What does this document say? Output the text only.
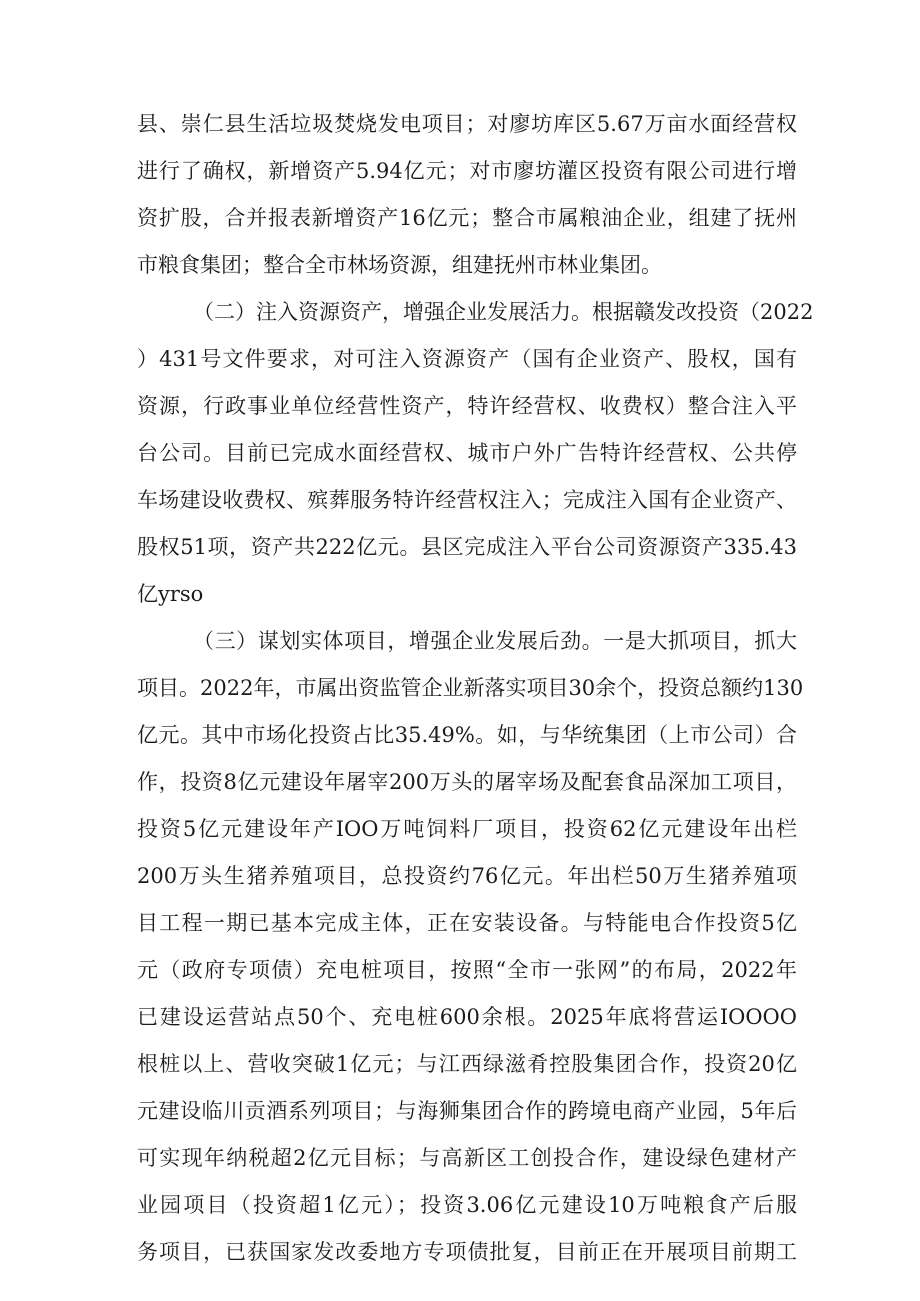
县、崇仁县生活垃圾焚烧发电项目；对廖坊库区5.67万亩水面经营权
进行了确权，新增资产5.94亿元；对市廖坊灌区投资有限公司进行增
资扩股，合并报表新增资产16亿元；整合市属粮油企业，组建了抚州
市粮食集团；整合全市林场资源，组建抚州市林业集团。
（二）注入资源资产，增强企业发展活力。根据赣发改投资（2022
）431号文件要求，对可注入资源资产（国有企业资产、股权，国有
资源，行政事业单位经营性资产，特许经营权、收费权）整合注入平
台公司。目前已完成水面经营权、城市户外广告特许经营权、公共停
车场建设收费权、殡葬服务特许经营权注入；完成注入国有企业资产、
股权51项，资产共222亿元。县区完成注入平台公司资源资产335.43
亿yrso
（三）谋划实体项目，增强企业发展后劲。一是大抓项目，抓大
项目。2022年，市属出资监管企业新落实项目30余个，投资总额约130
亿元。其中市场化投资占比35.49%。如，与华统集团（上市公司）合
作，投资8亿元建设年屠宰200万头的屠宰场及配套食品深加工项目，
投资5亿元建设年产IOO万吨饲料厂项目，投资62亿元建设年出栏
200万头生猪养殖项目，总投资约76亿元。年出栏50万生猪养殖项
目工程一期已基本完成主体，正在安装设备。与特能电合作投资5亿
元（政府专项债）充电桩项目，按照“全市一张网”的布局，2022年
已建设运营站点50个、充电桩600余根。2025年底将营运IOOOO
根桩以上、营收突破1亿元；与江西绿滋肴控股集团合作，投资20亿
元建设临川贡酒系列项目；与海狮集团合作的跨境电商产业园，5年后
可实现年纳税超2亿元目标；与高新区工创投合作，建设绿色建材产
业园项目（投资超1亿元）；投资3.06亿元建设10万吨粮食产后服
务项目，已获国家发改委地方专项债批复，目前正在开展项目前期工
